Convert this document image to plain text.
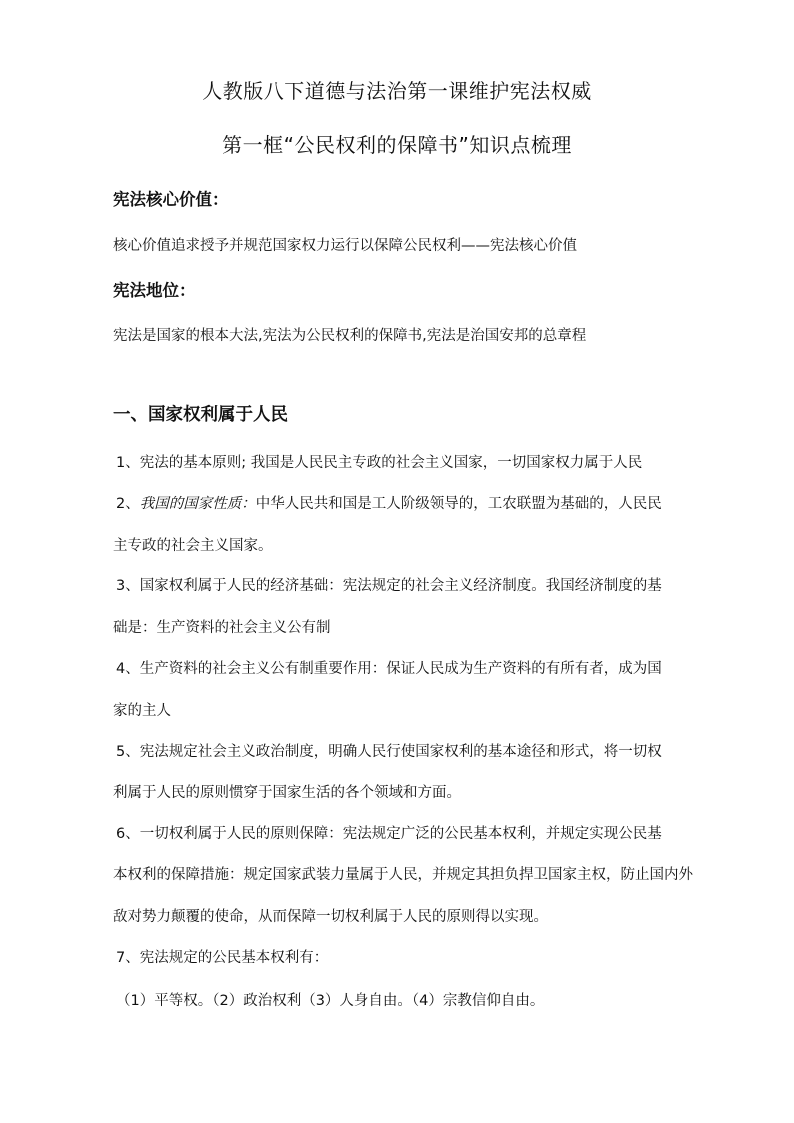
人教版八下道德与法治第一课维护宪法权威
第一框“公民权利的保障书”知识点梳理
宪法核心价值：
核心价值追求授予并规范国家权力运行以保障公民权利——宪法核心价值
宪法地位：
宪法是国家的根本大法,宪法为公民权利的保障书,宪法是治国安邦的总章程
一、国家权利属于人民
1、宪法的基本原则; 我国是人民民主专政的社会主义国家，一切国家权力属于人民
2、我国的国家性质：中华人民共和国是工人阶级领导的，工农联盟为基础的，人民民
主专政的社会主义国家。
3、国家权利属于人民的经济基础：宪法规定的社会主义经济制度。我国经济制度的基
础是：生产资料的社会主义公有制
4、生产资料的社会主义公有制重要作用：保证人民成为生产资料的有所有者，成为国
家的主人
5、宪法规定社会主义政治制度，明确人民行使国家权利的基本途径和形式，将一切权
利属于人民的原则惯穿于国家生活的各个领域和方面。
6、一切权利属于人民的原则保障：宪法规定广泛的公民基本权利，并规定实现公民基
本权利的保障措施：规定国家武装力量属于人民，并规定其担负捍卫国家主权，防止国内外
敌对势力颠覆的使命，从而保障一切权利属于人民的原则得以实现。
7、宪法规定的公民基本权利有：
（1）平等权。（2）政治权利（3）人身自由。（4）宗教信仰自由。
